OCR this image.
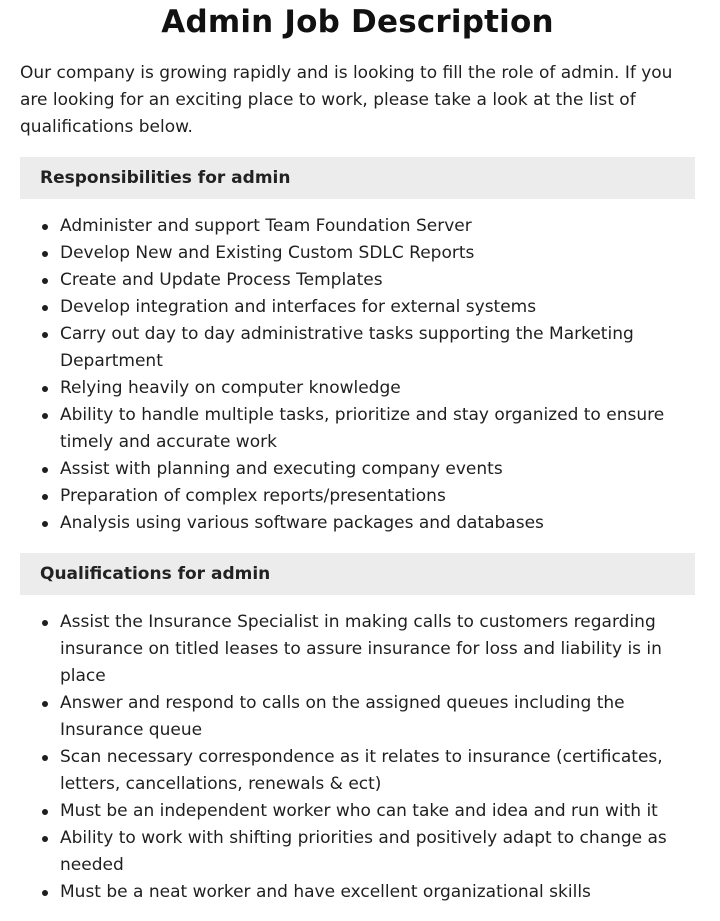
Admin Job Description

Our company is growing rapidly and is looking to fill the role of admin. If you are looking for an exciting place to work, please take a look at the list of qualifications below.

Responsibilities for admin
Administer and support Team Foundation Server
Develop New and Existing Custom SDLC Reports
Create and Update Process Templates
Develop integration and interfaces for external systems
Carry out day to day administrative tasks supporting the Marketing Department
Relying heavily on computer knowledge
Ability to handle multiple tasks, prioritize and stay organized to ensure timely and accurate work
Assist with planning and executing company events
Preparation of complex reports/presentations
Analysis using various software packages and databases
Qualifications for admin
Assist the Insurance Specialist in making calls to customers regarding insurance on titled leases to assure insurance for loss and liability is in place
Answer and respond to calls on the assigned queues including the Insurance queue
Scan necessary correspondence as it relates to insurance (certificates, letters, cancellations, renewals & ect)
Must be an independent worker who can take and idea and run with it
Ability to work with shifting priorities and positively adapt to change as needed
Must be a neat worker and have excellent organizational skills
